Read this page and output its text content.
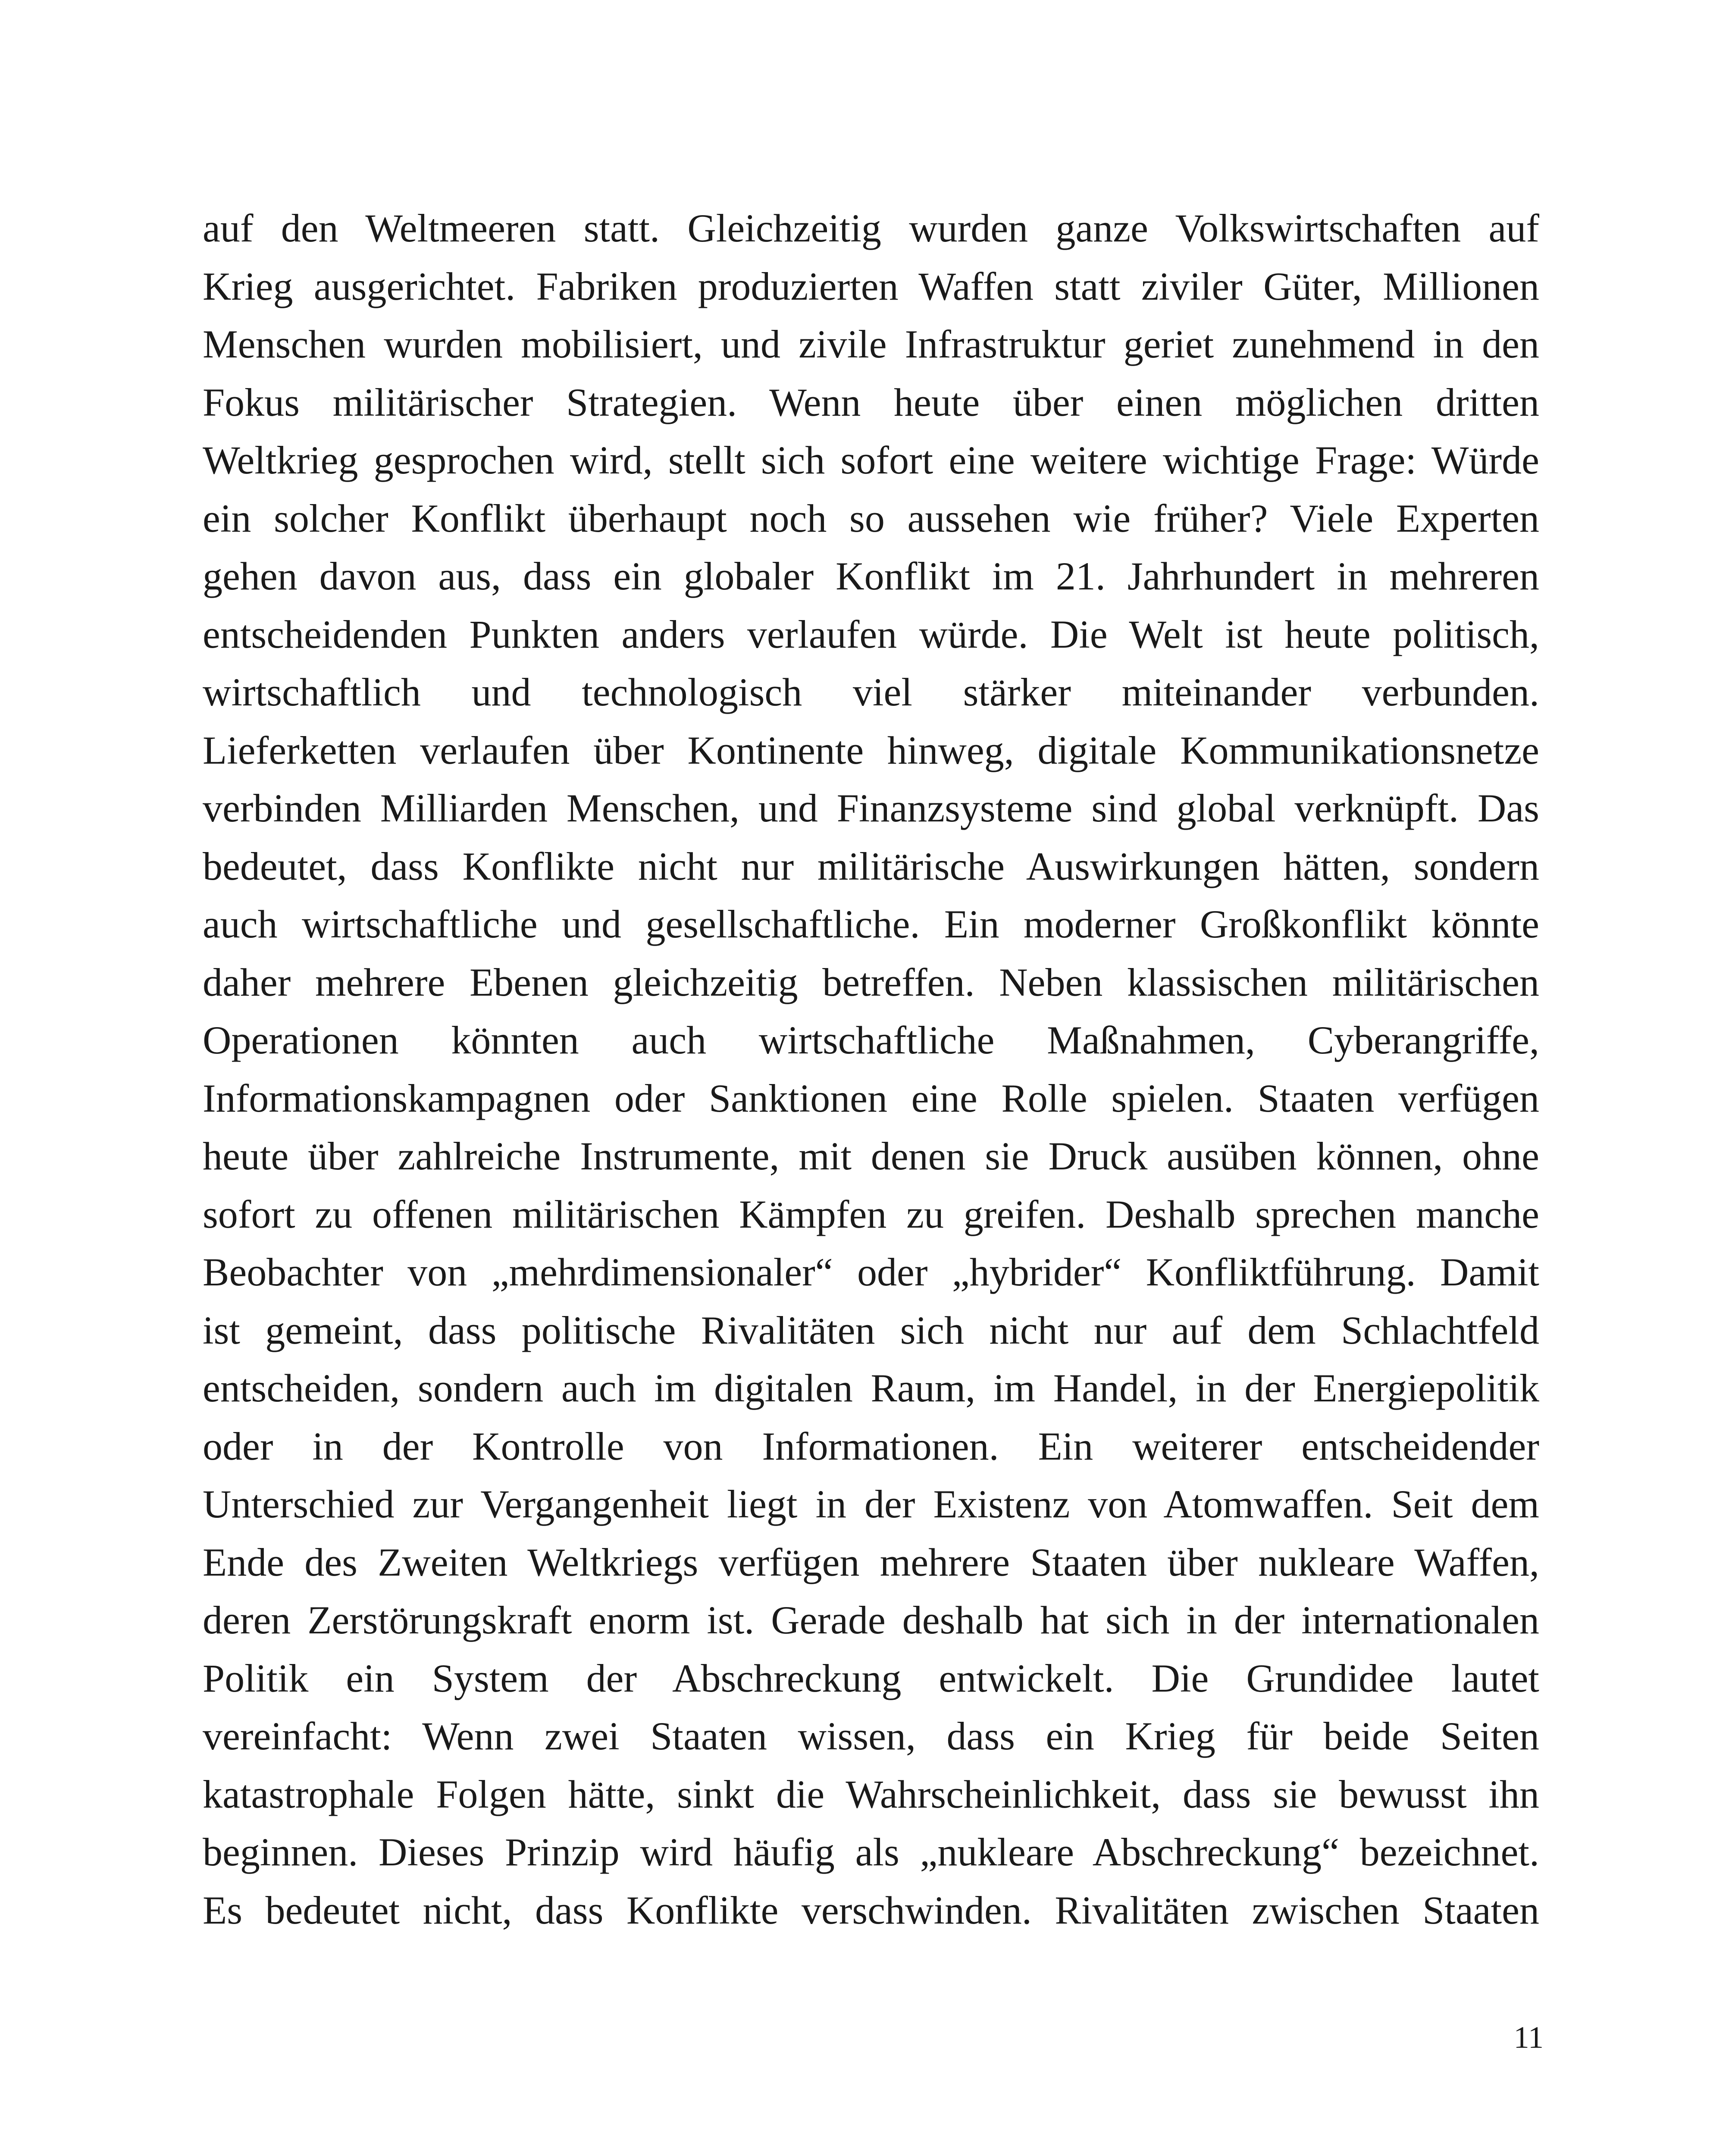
auf den Weltmeeren statt. Gleichzeitig wurden ganze Volkswirtschaften auf
Krieg ausgerichtet. Fabriken produzierten Waffen statt ziviler Güter, Millionen
Menschen wurden mobilisiert, und zivile Infrastruktur geriet zunehmend in den
Fokus militärischer Strategien. Wenn heute über einen möglichen dritten
Weltkrieg gesprochen wird, stellt sich sofort eine weitere wichtige Frage: Würde
ein solcher Konflikt überhaupt noch so aussehen wie früher? Viele Experten
gehen davon aus, dass ein globaler Konflikt im 21. Jahrhundert in mehreren
entscheidenden Punkten anders verlaufen würde. Die Welt ist heute politisch,
wirtschaftlich und technologisch viel stärker miteinander verbunden.
Lieferketten verlaufen über Kontinente hinweg, digitale Kommunikationsnetze
verbinden Milliarden Menschen, und Finanzsysteme sind global verknüpft. Das
bedeutet, dass Konflikte nicht nur militärische Auswirkungen hätten, sondern
auch wirtschaftliche und gesellschaftliche. Ein moderner Großkonflikt könnte
daher mehrere Ebenen gleichzeitig betreffen. Neben klassischen militärischen
Operationen könnten auch wirtschaftliche Maßnahmen, Cyberangriffe,
Informationskampagnen oder Sanktionen eine Rolle spielen. Staaten verfügen
heute über zahlreiche Instrumente, mit denen sie Druck ausüben können, ohne
sofort zu offenen militärischen Kämpfen zu greifen. Deshalb sprechen manche
Beobachter von „mehrdimensionaler“ oder „hybrider“ Konfliktführung. Damit
ist gemeint, dass politische Rivalitäten sich nicht nur auf dem Schlachtfeld
entscheiden, sondern auch im digitalen Raum, im Handel, in der Energiepolitik
oder in der Kontrolle von Informationen. Ein weiterer entscheidender
Unterschied zur Vergangenheit liegt in der Existenz von Atomwaffen. Seit dem
Ende des Zweiten Weltkriegs verfügen mehrere Staaten über nukleare Waffen,
deren Zerstörungskraft enorm ist. Gerade deshalb hat sich in der internationalen
Politik ein System der Abschreckung entwickelt. Die Grundidee lautet
vereinfacht: Wenn zwei Staaten wissen, dass ein Krieg für beide Seiten
katastrophale Folgen hätte, sinkt die Wahrscheinlichkeit, dass sie bewusst ihn
beginnen. Dieses Prinzip wird häufig als „nukleare Abschreckung“ bezeichnet.
Es bedeutet nicht, dass Konflikte verschwinden. Rivalitäten zwischen Staaten

11
